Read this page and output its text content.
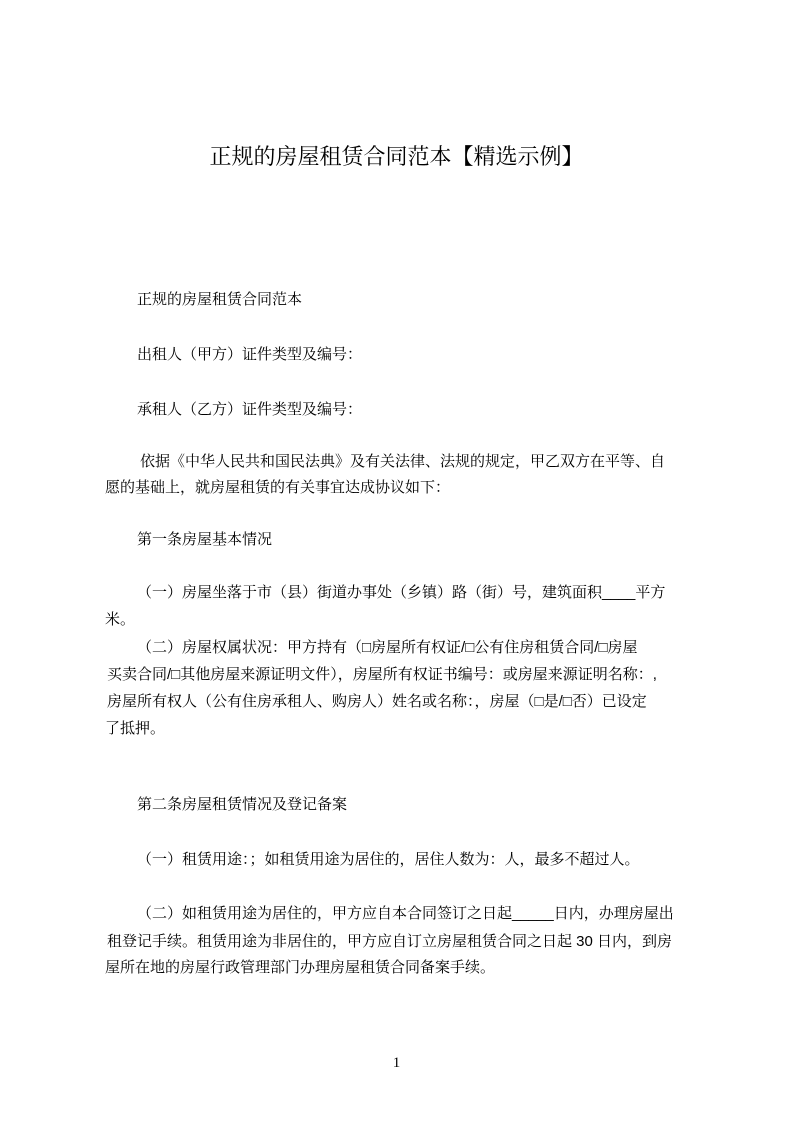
正规的房屋租赁合同范本【精选示例】
正规的房屋租赁合同范本
出租人（甲方）证件类型及编号：
承租人（乙方）证件类型及编号：
依据《中华人民共和国民法典》及有关法律、法规的规定，甲乙双方在平等、自
愿的基础上，就房屋租赁的有关事宜达成协议如下：
第一条房屋基本情况
（一）房屋坐落于市（县）街道办事处（乡镇）路（街）号，建筑面积____平方
米。
（二）房屋权属状况：甲方持有（□房屋所有权证/□公有住房租赁合同/□房屋
买卖合同/□其他房屋来源证明文件），房屋所有权证书编号：或房屋来源证明名称：,
房屋所有权人（公有住房承租人、购房人）姓名或名称：，房屋（□是/□否）已设定
了抵押。
第二条房屋租赁情况及登记备案
（一）租赁用途：；如租赁用途为居住的，居住人数为：人，最多不超过人。
（二）如租赁用途为居住的，甲方应自本合同签订之日起_____日内，办理房屋出
租登记手续。租赁用途为非居住的，甲方应自订立房屋租赁合同之日起 30 日内，到房
屋所在地的房屋行政管理部门办理房屋租赁合同备案手续。
1
